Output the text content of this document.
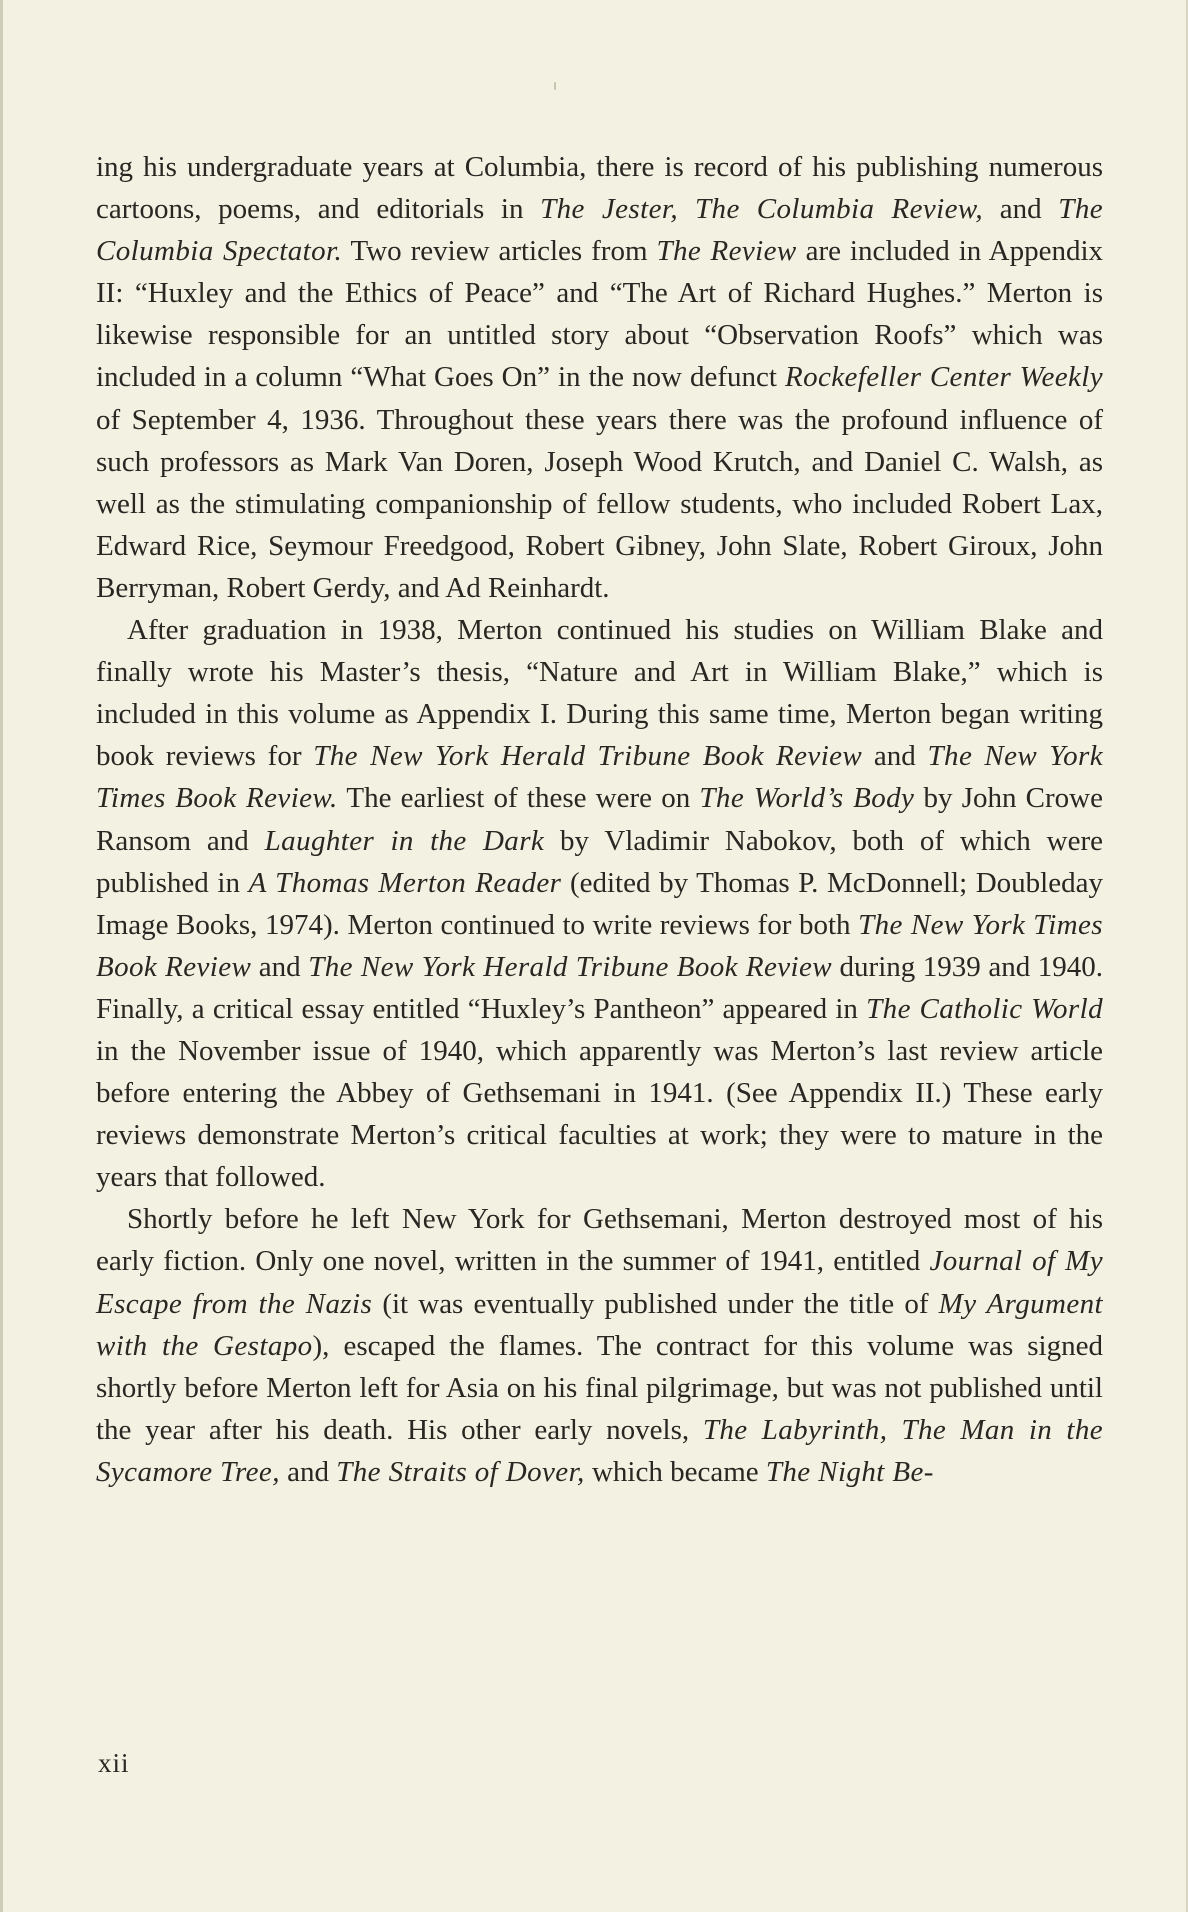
ing his undergraduate years at Columbia, there is record of his publishing numerous cartoons, poems, and editorials in The Jester, The Columbia Review, and The Columbia Spectator. Two review articles from The Review are included in Appendix II: “Huxley and the Ethics of Peace” and “The Art of Richard Hughes.” Merton is likewise responsible for an untitled story about “Observation Roofs” which was included in a column “What Goes On” in the now defunct Rockefeller Center Weekly of September 4, 1936. Throughout these years there was the profound influence of such professors as Mark Van Doren, Joseph Wood Krutch, and Daniel C. Walsh, as well as the stimulating companionship of fellow students, who included Robert Lax, Edward Rice, Seymour Freedgood, Robert Gibney, John Slate, Robert Giroux, John Berryman, Robert Gerdy, and Ad Reinhardt.

After graduation in 1938, Merton continued his studies on William Blake and finally wrote his Master’s thesis, “Nature and Art in William Blake,” which is included in this volume as Appendix I. During this same time, Merton began writing book reviews for The New York Herald Tribune Book Review and The New York Times Book Review. The earliest of these were on The World’s Body by John Crowe Ransom and Laughter in the Dark by Vladimir Nabokov, both of which were published in A Thomas Merton Reader (edited by Thomas P. McDonnell; Doubleday Image Books, 1974). Merton continued to write reviews for both The New York Times Book Review and The New York Herald Tribune Book Review during 1939 and 1940. Finally, a critical essay entitled “Huxley’s Pantheon” appeared in The Catholic World in the November issue of 1940, which apparently was Merton’s last review article before entering the Abbey of Gethsemani in 1941. (See Appendix II.) These early reviews demonstrate Merton’s critical faculties at work; they were to mature in the years that followed.

Shortly before he left New York for Gethsemani, Merton destroyed most of his early fiction. Only one novel, written in the summer of 1941, entitled Journal of My Escape from the Nazis (it was eventually published under the title of My Argument with the Gestapo), escaped the flames. The contract for this volume was signed shortly before Merton left for Asia on his final pilgrimage, but was not published until the year after his death. His other early novels, The Labyrinth, The Man in the Sycamore Tree, and The Straits of Dover, which became The Night Be-

xii
